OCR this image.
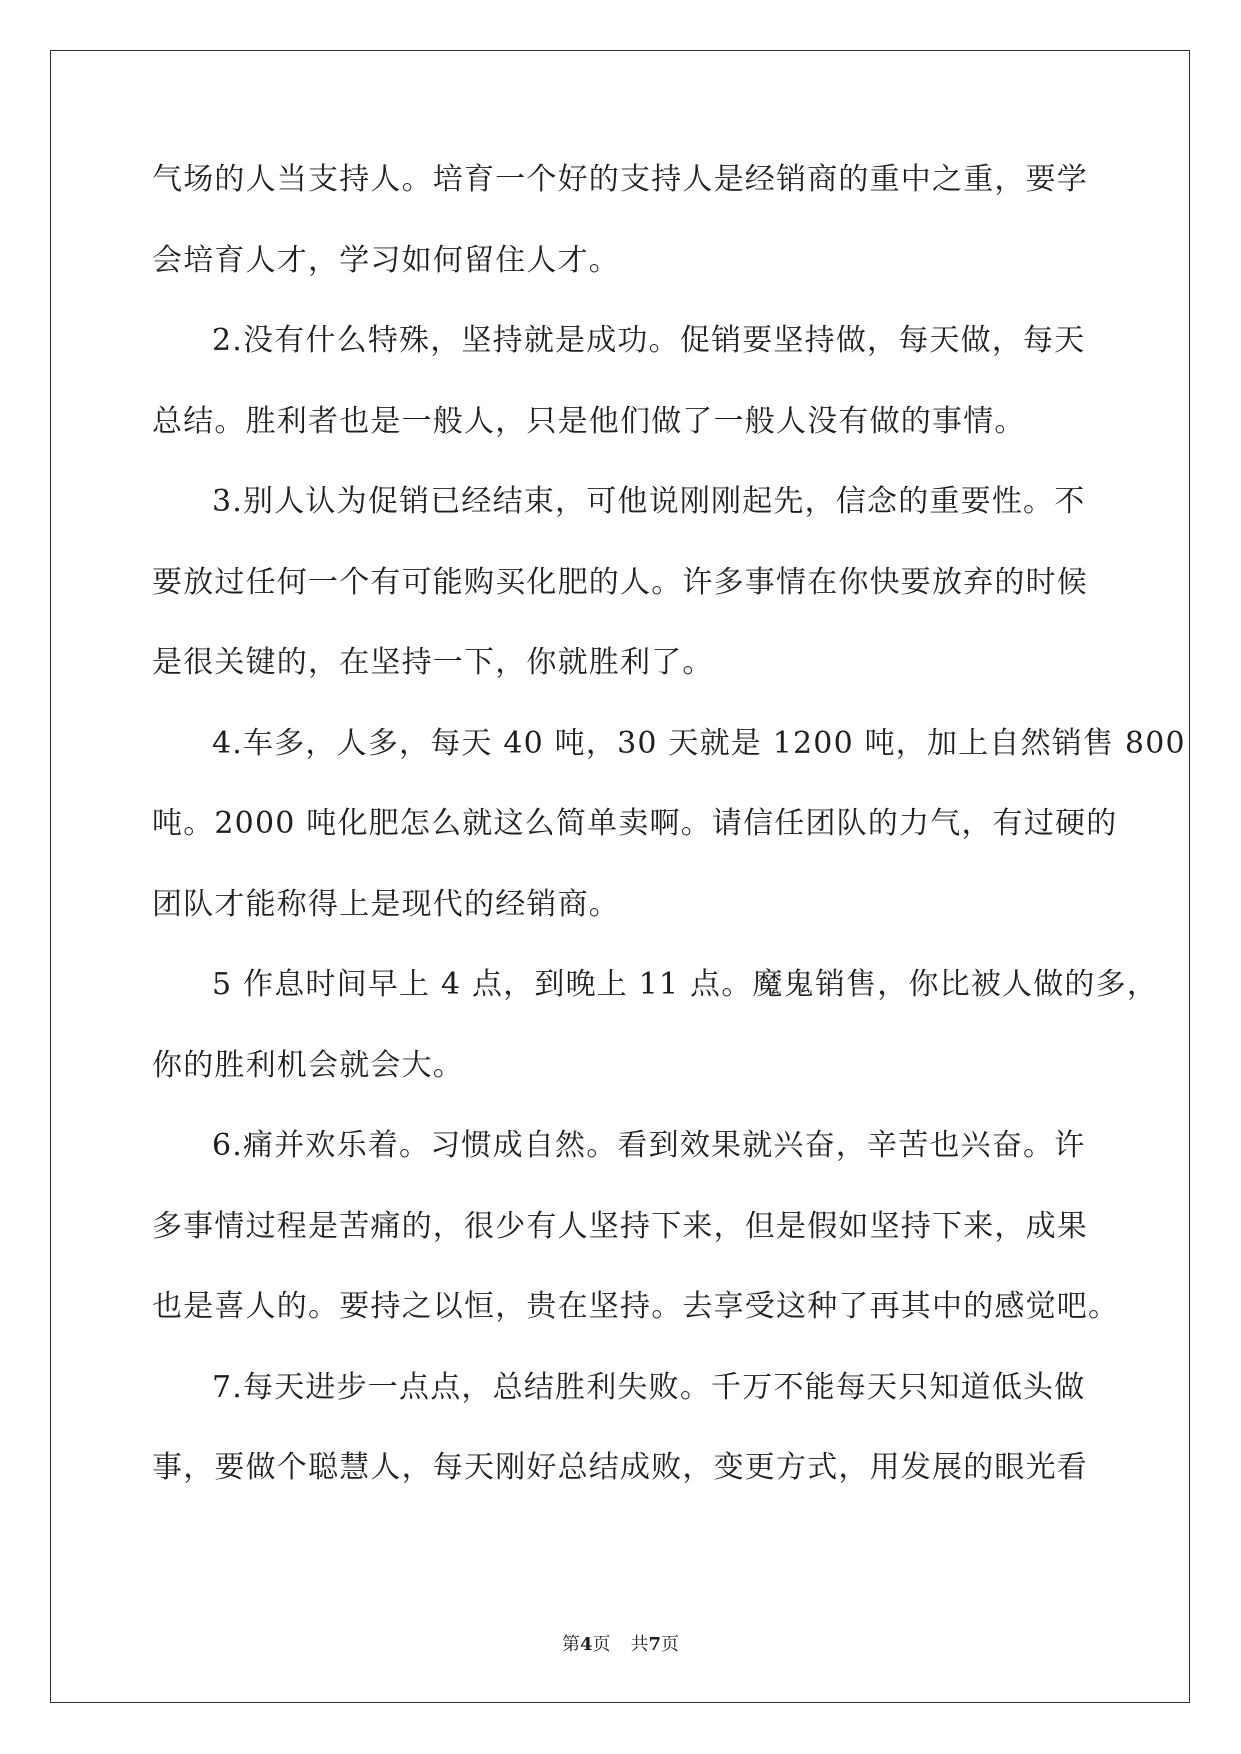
气场的人当支持人。培育一个好的支持人是经销商的重中之重，要学
会培育人才，学习如何留住人才。
2.没有什么特殊，坚持就是成功。促销要坚持做，每天做，每天
总结。胜利者也是一般人，只是他们做了一般人没有做的事情。
3.别人认为促销已经结束，可他说刚刚起先，信念的重要性。不
要放过任何一个有可能购买化肥的人。许多事情在你快要放弃的时候
是很关键的，在坚持一下，你就胜利了。
4.车多，人多，每天 40 吨，30 天就是 1200 吨，加上自然销售 800
吨。2000 吨化肥怎么就这么简单卖啊。请信任团队的力气，有过硬的
团队才能称得上是现代的经销商。
5 作息时间早上 4 点，到晚上 11 点。魔鬼销售，你比被人做的多，
你的胜利机会就会大。
6.痛并欢乐着。习惯成自然。看到效果就兴奋，辛苦也兴奋。许
多事情过程是苦痛的，很少有人坚持下来，但是假如坚持下来，成果
也是喜人的。要持之以恒，贵在坚持。去享受这种了再其中的感觉吧。
7.每天进步一点点，总结胜利失败。千万不能每天只知道低头做
事，要做个聪慧人，每天刚好总结成败，变更方式，用发展的眼光看
第4页 共7页
